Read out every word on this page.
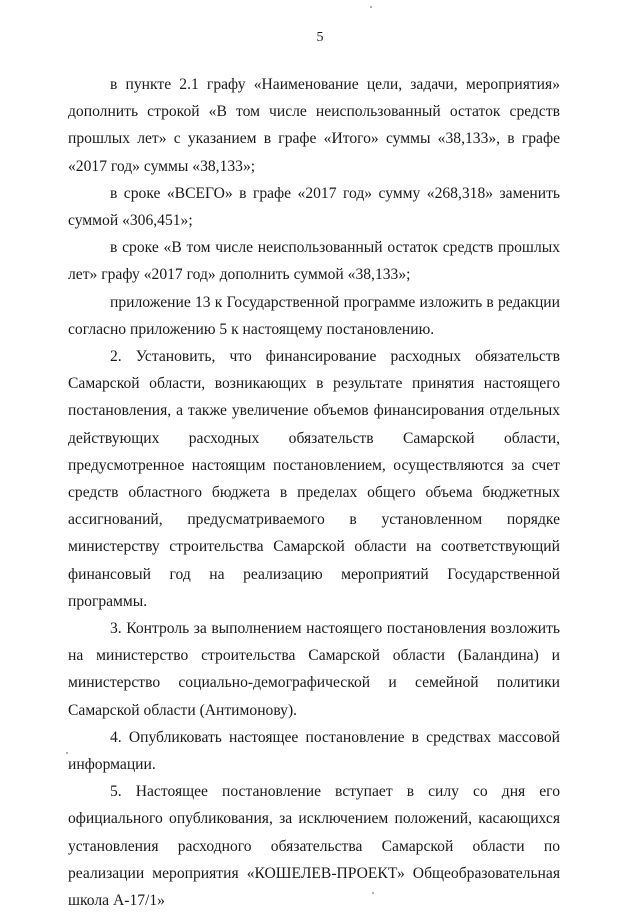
5

в пункте 2.1 графу «Наименование цели, задачи, мероприятия» дополнить строкой «В том числе неиспользованный остаток средств прошлых лет» с указанием в графе «Итого» суммы «38,133», в графе «2017 год» суммы «38,133»;

в сроке «ВСЕГО» в графе «2017 год» сумму «268,318» заменить суммой «306,451»;

в сроке «В том числе неиспользованный остаток средств прошлых лет» графу «2017 год» дополнить суммой «38,133»;

приложение 13 к Государственной программе изложить в редакции согласно приложению 5 к настоящему постановлению.

2. Установить, что финансирование расходных обязательств Самарской области, возникающих в результате принятия настоящего постановления, а также увеличение объемов финансирования отдельных действующих расходных обязательств Самарской области, предусмотренное настоящим постановлением, осуществляются за счет средств областного бюджета в пределах общего объема бюджетных ассигнований, предусматриваемого в установленном порядке министерству строительства Самарской области на соответствующий финансовый год на реализацию мероприятий Государственной программы.

3. Контроль за выполнением настоящего постановления возложить на министерство строительства Самарской области (Баландина) и министерство социально-демографической и семейной политики Самарской области (Антимонову).

4. Опубликовать настоящее постановление в средствах массовой информации.

5. Настоящее постановление вступает в силу со дня его официального опубликования, за исключением положений, касающихся установления расходного обязательства Самарской области по реализации мероприятия «КОШЕЛЕВ-ПРОЕКТ» Общеобразовательная школа А-17/1»
